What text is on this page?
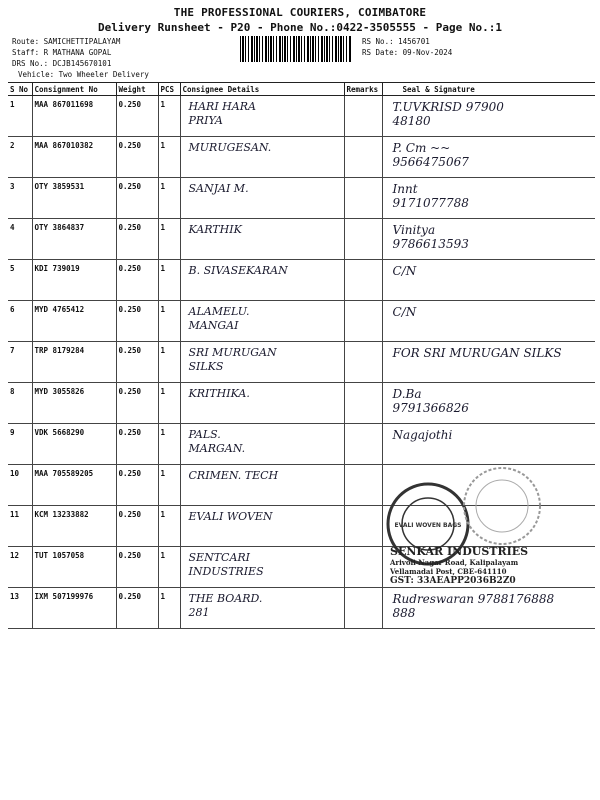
THE PROFESSIONAL COURIERS, COIMBATORE
Delivery Runsheet - P20 - Phone No.:0422-3505555 - Page No.:1
Route: SAMICHETTIPALAYAM
Staff: R MATHANA GOPAL
DRS No.: DCJB145670101
Vehicle: Two Wheeler Delivery
RS No.: 1456701
RS Date: 09-Nov-2024
S No	Consignment No	Weight	PCS	Consignee Details	Remarks	Seal & Signature
1	MAA 867011698	0.250	1	HARI HARA
PRIYA		T.UVKRISD 97900
48180

2	MAA 867010382	0.250	1	MURUGESAN.		P. Cm ~~
9566475067

3	OTY 3859531	0.250	1	SANJAI M.		Innt
9171077788

4	OTY 3864837	0.250	1	KARTHIK		Vinitya
9786613593

5	KDI 739019	0.250	1	B. SIVASEKARAN		C/N

6	MYD 4765412	0.250	1	ALAMELU.
MANGAI		C/N

7	TRP 8179284	0.250	1	SRI MURUGAN
SILKS		FOR SRI MURUGAN SILKS

8	MYD 3055826	0.250	1	KRITHIKA.		D.Ba
9791366826

9	VDK 5668290	0.250	1	PALS.
MARGAN.		Nagajothi

10	MAA 705589205	0.250	1	CRIMEN. TECH		

11	KCM 13233882	0.250	1	EVALI WOVEN		

12	TUT 1057058	0.250	1	SENTCARI
INDUSTRIES		

13	IXM 507199976	0.250	1	THE BOARD.
281		Rudreswaran 9788176888
888
EVALI WOVEN BAGS
SENKAR INDUSTRIES
Arivoli Nagar Road, Kalipalayam
Vellamadai Post, CBE-641110
GST: 33AEAPP2036B2Z0
